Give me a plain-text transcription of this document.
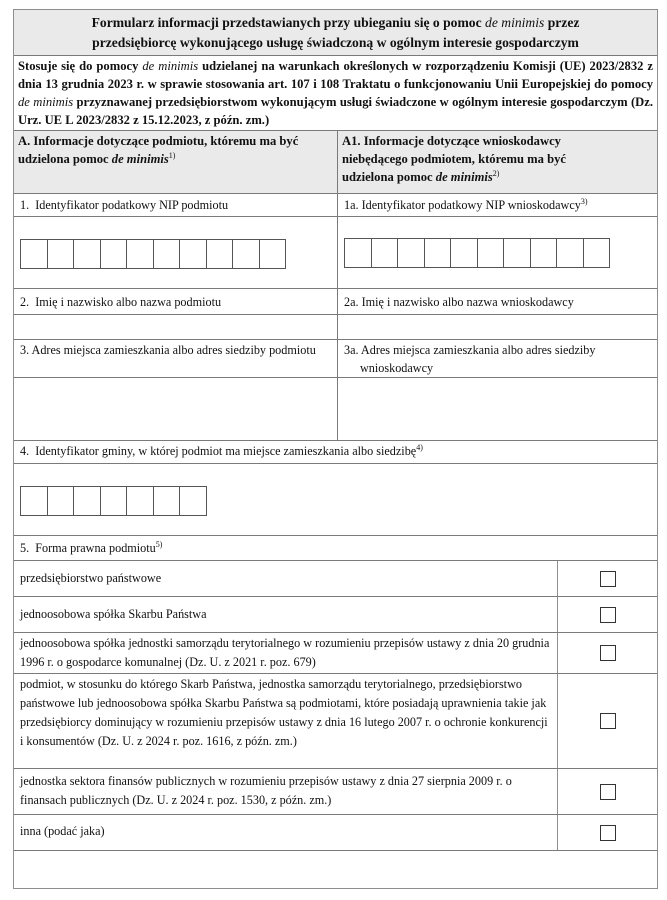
Formularz informacji przedstawianych przy ubieganiu się o pomoc de minimis przez
przedsiębiorcę wykonującego usługę świadczoną w ogólnym interesie gospodarczym
Stosuje się do pomocy de minimis udzielanej na warunkach określonych w rozporządzeniu Komisji (UE) 2023/2832 z dnia 13 grudnia 2023 r. w sprawie stosowania art. 107 i 108 Traktatu o funkcjonowaniu Unii Europejskiej do pomocy de minimis przyznawanej przedsiębiorstwom wykonującym usługi świadczone w ogólnym interesie gospodarczym (Dz. Urz. UE L 2023/2832 z 15.12.2023, z późn. zm.)
A. Informacje dotyczące podmiotu, któremu ma być udzielona pomoc de minimis$^{1)}$
A1. Informacje dotyczące wnioskodawcy niebędącego podmiotem, któremu ma być udzielona pomoc de minimis$^{2)}$
1.  Identyfikator podatkowy NIP podmiotu	1a. Identyfikator podatkowy NIP wnioskodawcy$^{3)}$
2.  Imię i nazwisko albo nazwa podmiotu	2a. Imię i nazwisko albo nazwa wnioskodawcy
3. Adres miejsca zamieszkania albo adres siedziby podmiotu	3a. Adres miejsca zamieszkania albo adres siedziby wnioskodawcy
4.  Identyfikator gminy, w której podmiot ma miejsce zamieszkania albo siedzibę$^{4)}$
5.  Forma prawna podmiotu$^{5)}$
przedsiębiorstwo państwowe
jednoosobowa spółka Skarbu Państwa
jednoosobowa spółka jednostki samorządu terytorialnego w rozumieniu przepisów ustawy z dnia 20 grudnia 1996 r. o gospodarce komunalnej (Dz. U. z 2021 r. poz. 679)
podmiot, w stosunku do którego Skarb Państwa, jednostka samorządu terytorialnego, przedsiębiorstwo państwowe lub jednoosobowa spółka Skarbu Państwa są podmiotami, które posiadają uprawnienia takie jak przedsiębiorcy dominujący w rozumieniu przepisów ustawy z dnia 16 lutego 2007 r. o ochronie konkurencji i konsumentów (Dz. U. z 2024 r. poz. 1616, z późn. zm.)
jednostka sektora finansów publicznych w rozumieniu przepisów ustawy z dnia 27 sierpnia 2009 r. o finansach publicznych (Dz. U. z 2024 r. poz. 1530, z późn. zm.)
inna (podać jaka)
